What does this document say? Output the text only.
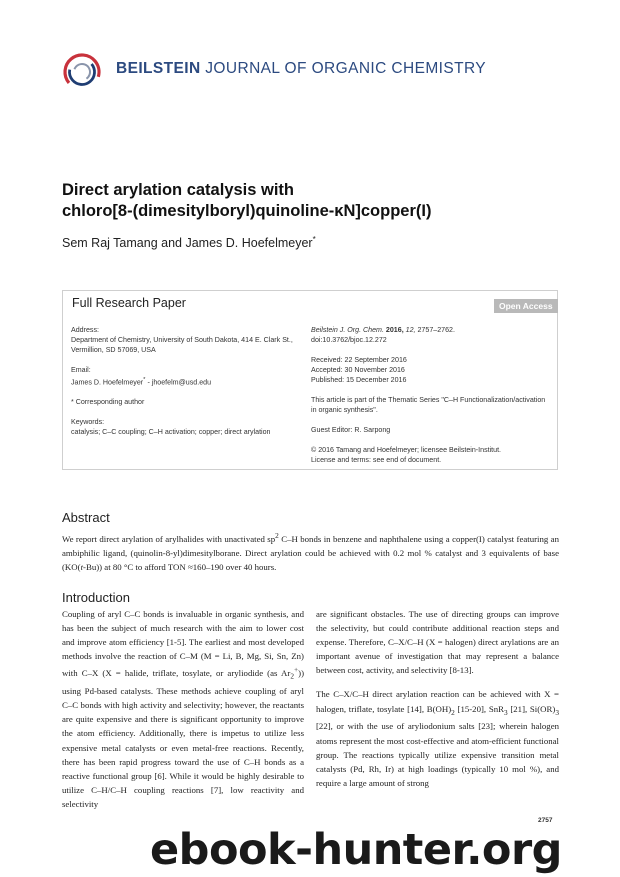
BEILSTEIN JOURNAL OF ORGANIC CHEMISTRY
Direct arylation catalysis with
chloro[8-(dimesitylboryl)quinoline-κN]copper(I)
Sem Raj Tamang and James D. Hoefelmeyer*
Full Research Paper	Open Access

Address:

Department of Chemistry, University of South Dakota, 414 E. Clark St., Vermillion, SD 57069, USA

Email:

James D. Hoefelmeyer* - jhoefelm@usd.edu

* Corresponding author

Keywords:

catalysis; C–C coupling; C–H activation; copper; direct arylation

Beilstein J. Org. Chem. 2016, 12, 2757–2762.

doi:10.3762/bjoc.12.272

Received: 22 September 2016

Accepted: 30 November 2016

Published: 15 December 2016

This article is part of the Thematic Series "C–H Functionalization/activation in organic synthesis".

Guest Editor: R. Sarpong

© 2016 Tamang and Hoefelmeyer; licensee Beilstein-Institut.

License and terms: see end of document.

Abstract
We report direct arylation of arylhalides with unactivated $sp^2$ C–H bonds in benzene and naphthalene using a copper(I) catalyst featuring an ambiphilic ligand, (quinolin-8-yl)dimesitylborane. Direct arylation could be achieved with 0.2 mol % catalyst and 3 equivalents of base (KO(t-Bu)) at 80 °C to afford TON ≈160–190 over 40 hours.
Introduction

Coupling of aryl C–C bonds is invaluable in organic synthesis, and has been the subject of much research with the aim to lower cost and improve atom efficiency [1-5]. The earliest and most developed methods involve the reaction of C–M (M = Li, B, Mg, Si, Sn, Zn) with C–X (X = halide, triflate, tosylate, or aryliodide (as $Ar_2^+$)) using Pd-based catalysts. These methods achieve coupling of aryl C–C bonds with high activity and selectivity; however, the reactants are quite expensive and there is significant opportunity to improve the atom efficiency. Additionally, there is impetus to utilize less expensive metal catalysts or even metal-free reactions. Recently, there has been rapid progress toward the use of C–H bonds as a reactive functional group [6]. While it would be highly desirable to utilize C–H/C–H coupling reactions [7], low reactivity and selectivity

are significant obstacles. The use of directing groups can improve the selectivity, but could contribute additional reaction steps and expense. Therefore, C–X/C–H (X = halogen) direct arylations are an important avenue of investigation that may represent a balance between cost, activity, and selectivity [8-13].

The C–X/C–H direct arylation reaction can be achieved with X = halogen, triflate, tosylate [14], $B(OH)_2$ [15-20], SnR$_3$ [21], $Si(OR)_3$ [22], or with the use of aryliodonium salts [23]; wherein halogen atoms represent the most cost-effective and atom-efficient functional group. The reactions typically utilize expensive transition metal catalysts (Pd, Rh, Ir) at high loadings (typically 10 mol %), and require a large amount of strong

2757
ebook-hunter.org
